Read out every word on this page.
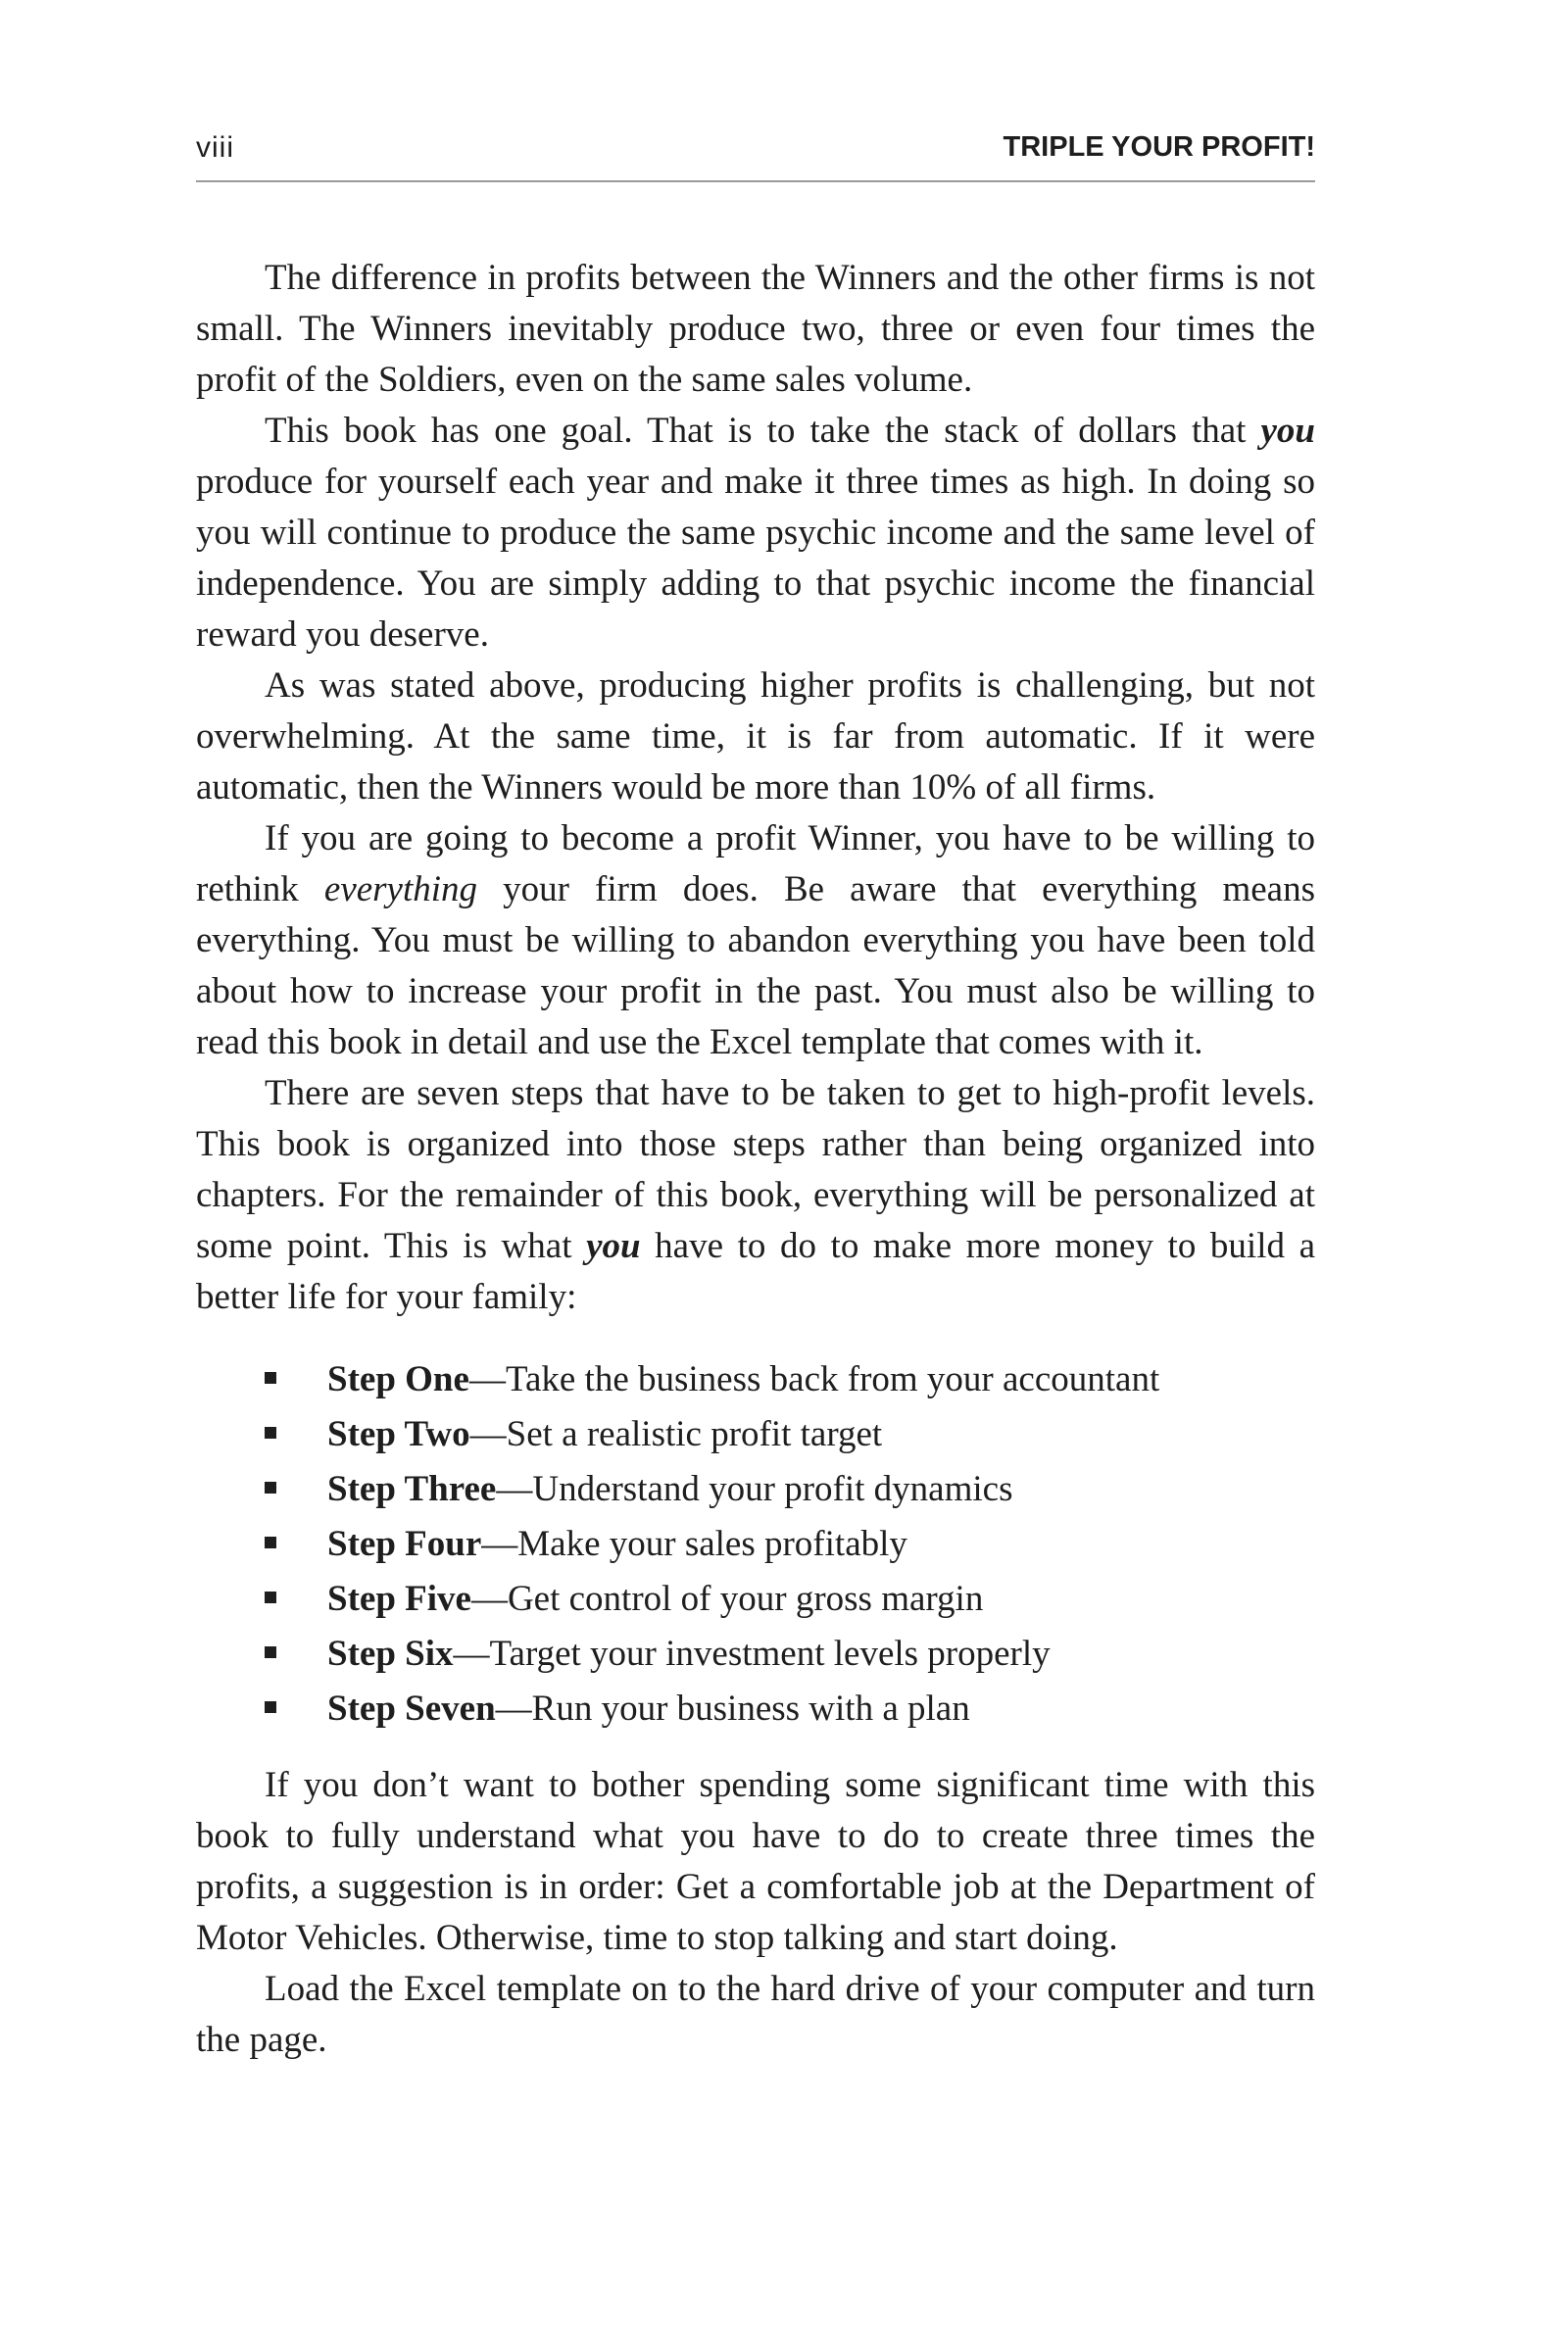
viii	TRIPLE YOUR PROFIT!

The difference in profits between the Winners and the other firms is not small. The Winners inevitably produce two, three or even four times the profit of the Soldiers, even on the same sales volume.

This book has one goal. That is to take the stack of dollars that you produce for yourself each year and make it three times as high. In doing so you will continue to produce the same psychic income and the same level of independence. You are simply adding to that psychic income the financial reward you deserve.

As was stated above, producing higher profits is challenging, but not overwhelming. At the same time, it is far from automatic. If it were automatic, then the Winners would be more than 10% of all firms.

If you are going to become a profit Winner, you have to be willing to rethink everything your firm does. Be aware that everything means everything. You must be willing to abandon everything you have been told about how to increase your profit in the past. You must also be willing to read this book in detail and use the Excel template that comes with it.

There are seven steps that have to be taken to get to high-profit levels. This book is organized into those steps rather than being organized into chapters. For the remainder of this book, everything will be personalized at some point. This is what you have to do to make more money to build a better life for your family:

Step One—Take the business back from your accountant
Step Two—Set a realistic profit target
Step Three—Understand your profit dynamics
Step Four—Make your sales profitably
Step Five—Get control of your gross margin
Step Six—Target your investment levels properly
Step Seven—Run your business with a plan

If you don’t want to bother spending some significant time with this book to fully understand what you have to do to create three times the profits, a suggestion is in order: Get a comfortable job at the Department of Motor Vehicles. Otherwise, time to stop talking and start doing.

Load the Excel template on to the hard drive of your computer and turn the page.
